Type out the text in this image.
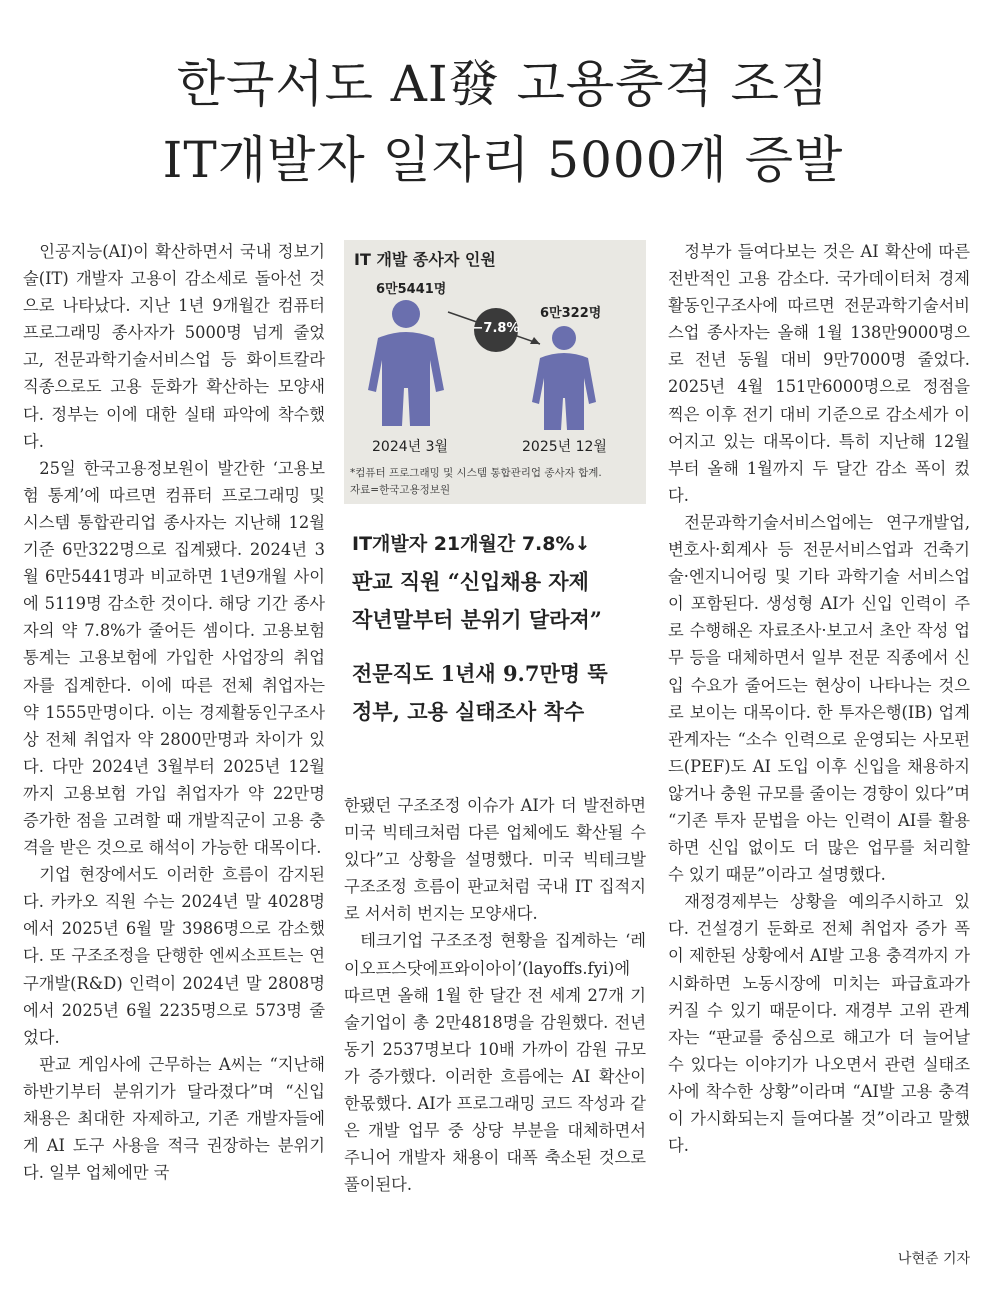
한국서도 AI發 고용충격 조짐
IT개발자 일자리 5000개 증발

인공지능(AI)이 확산하면서 국내 정보기술(IT) 개발자 고용이 감소세로 돌아선 것으로 나타났다. 지난 1년 9개월간 컴퓨터 프로그래밍 종사자가 5000명 넘게 줄었고, 전문과학기술서비스업 등 화이트칼라 직종으로도 고용 둔화가 확산하는 모양새다. 정부는 이에 대한 실태 파악에 착수했다.

25일 한국고용정보원이 발간한 ‘고용보험 통계’에 따르면 컴퓨터 프로그래밍 및 시스템 통합관리업 종사자는 지난해 12월 기준 6만322명으로 집계됐다. 2024년 3월 6만5441명과 비교하면 1년9개월 사이에 5119명 감소한 것이다. 해당 기간 종사자의 약 7.8%가 줄어든 셈이다. 고용보험 통계는 고용보험에 가입한 사업장의 취업자를 집계한다. 이에 따른 전체 취업자는 약 1555만명이다. 이는 경제활동인구조사상 전체 취업자 약 2800만명과 차이가 있다. 다만 2024년 3월부터 2025년 12월까지 고용보험 가입 취업자가 약 22만명 증가한 점을 고려할 때 개발직군이 고용 충격을 받은 것으로 해석이 가능한 대목이다.

기업 현장에서도 이러한 흐름이 감지된다. 카카오 직원 수는 2024년 말 4028명에서 2025년 6월 말 3986명으로 감소했다. 또 구조조정을 단행한 엔씨소프트는 연구개발(R&D) 인력이 2024년 말 2808명에서 2025년 6월 2235명으로 573명 줄었다.

판교 게임사에 근무하는 A씨는 “지난해 하반기부터 분위기가 달라졌다”며 “신입 채용은 최대한 자제하고, 기존 개발자들에게 AI 도구 사용을 적극 권장하는 분위기다. 일부 업체에만 국

IT 개발 종사자 인원
6만5441명
6만322명
−7.8%
2024년 3월	2025년 12월
*컴퓨터 프로그래밍 및 시스템 통합관리업 종사자 합계.
자료=한국고용정보원
IT개발자 21개월간 7.8%↓
판교 직원 “신입채용 자제
작년말부터 분위기 달라져”
전문직도 1년새 9.7만명 뚝
정부, 고용 실태조사 착수

한됐던 구조조정 이슈가 AI가 더 발전하면 미국 빅테크처럼 다른 업체에도 확산될 수 있다”고 상황을 설명했다. 미국 빅테크발 구조조정 흐름이 판교처럼 국내 IT 집적지로 서서히 번지는 모양새다.

테크기업 구조조정 현황을 집계하는 ‘레이오프스닷에프와이아이’(layoffs.fyi)에 따르면 올해 1월 한 달간 전 세계 27개 기술기업이 총 2만4818명을 감원했다. 전년 동기 2537명보다 10배 가까이 감원 규모가 증가했다. 이러한 흐름에는 AI 확산이 한몫했다. AI가 프로그래밍 코드 작성과 같은 개발 업무 중 상당 부분을 대체하면서 주니어 개발자 채용이 대폭 축소된 것으로 풀이된다.

정부가 들여다보는 것은 AI 확산에 따른 전반적인 고용 감소다. 국가데이터처 경제활동인구조사에 따르면 전문과학기술서비스업 종사자는 올해 1월 138만9000명으로 전년 동월 대비 9만7000명 줄었다. 2025년 4월 151만6000명으로 정점을 찍은 이후 전기 대비 기준으로 감소세가 이어지고 있는 대목이다. 특히 지난해 12월부터 올해 1월까지 두 달간 감소 폭이 컸다.

전문과학기술서비스업에는 연구개발업, 변호사·회계사 등 전문서비스업과 건축기술·엔지니어링 및 기타 과학기술 서비스업이 포함된다. 생성형 AI가 신입 인력이 주로 수행해온 자료조사·보고서 초안 작성 업무 등을 대체하면서 일부 전문 직종에서 신입 수요가 줄어드는 현상이 나타나는 것으로 보이는 대목이다. 한 투자은행(IB) 업계 관계자는 “소수 인력으로 운영되는 사모펀드(PEF)도 AI 도입 이후 신입을 채용하지 않거나 충원 규모를 줄이는 경향이 있다”며 “기존 투자 문법을 아는 인력이 AI를 활용하면 신입 없이도 더 많은 업무를 처리할 수 있기 때문”이라고 설명했다.

재정경제부는 상황을 예의주시하고 있다. 건설경기 둔화로 전체 취업자 증가 폭이 제한된 상황에서 AI발 고용 충격까지 가시화하면 노동시장에 미치는 파급효과가 커질 수 있기 때문이다. 재경부 고위 관계자는 “판교를 중심으로 해고가 더 늘어날 수 있다는 이야기가 나오면서 관련 실태조사에 착수한 상황”이라며 “AI발 고용 충격이 가시화되는지 들여다볼 것”이라고 말했다.

나현준 기자
